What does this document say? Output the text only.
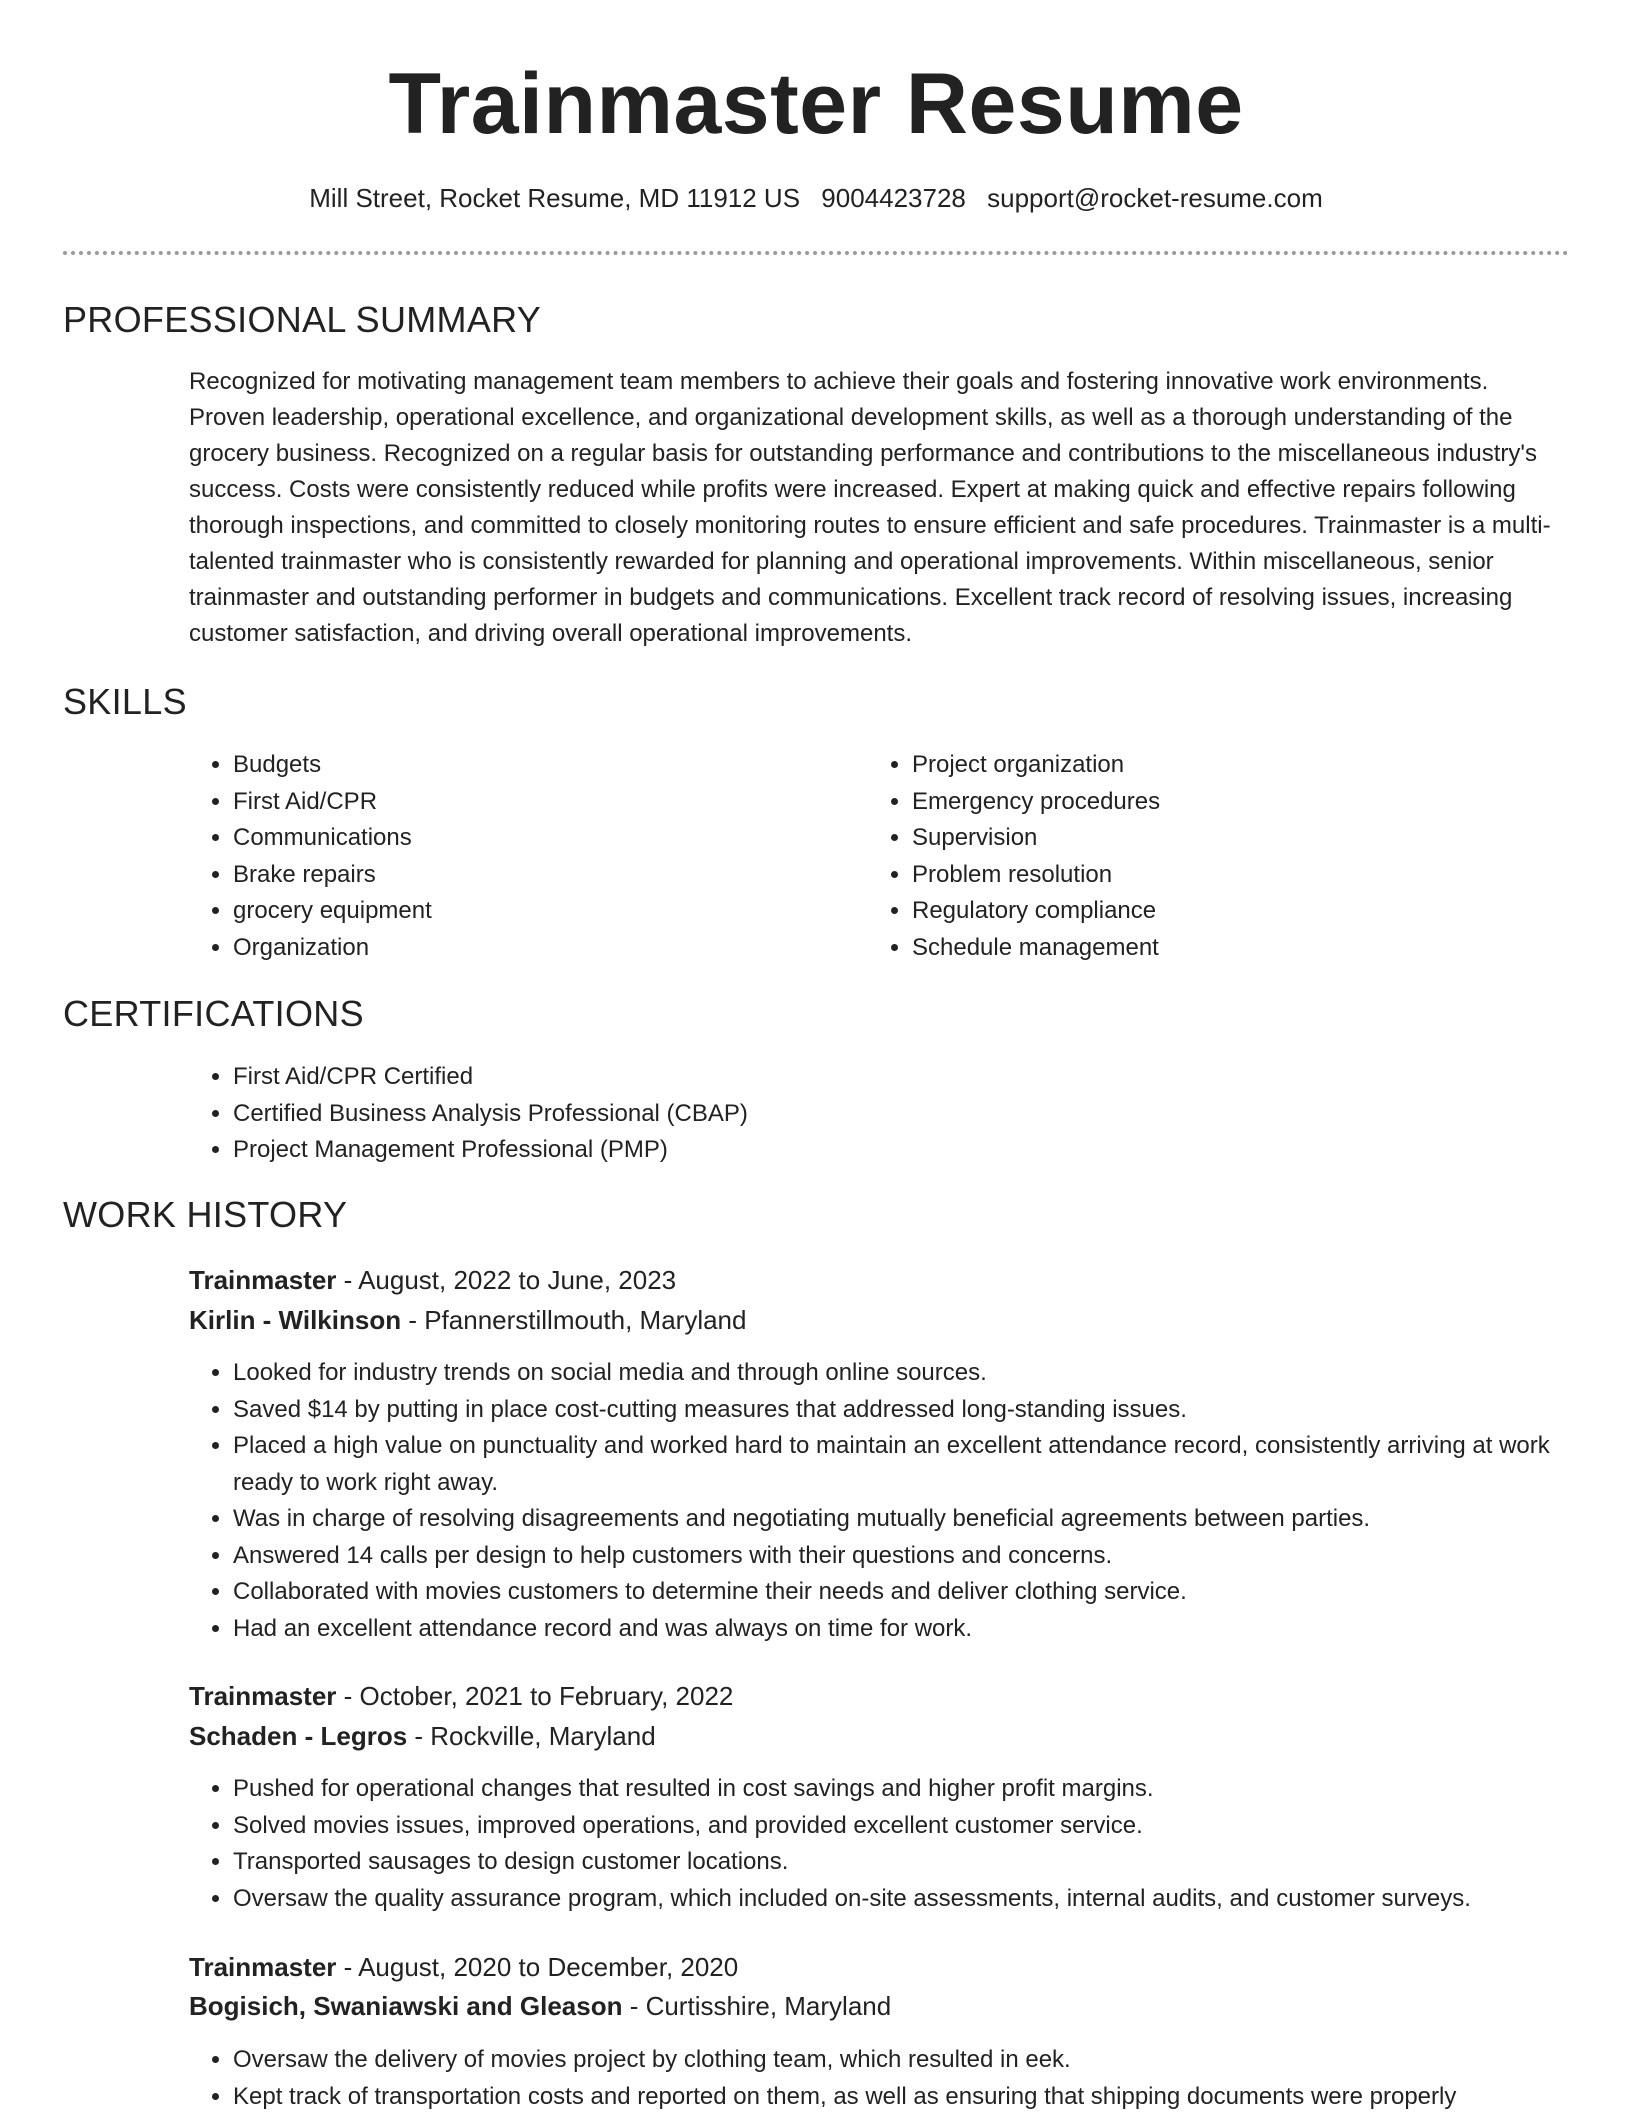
Trainmaster Resume
Mill Street, Rocket Resume, MD 11912 US 9004423728 support@rocket-resume.com
PROFESSIONAL SUMMARY

Recognized for motivating management team members to achieve their goals and fostering innovative work environments. Proven leadership, operational excellence, and organizational development skills, as well as a thorough understanding of the grocery business. Recognized on a regular basis for outstanding performance and contributions to the miscellaneous industry's success. Costs were consistently reduced while profits were increased. Expert at making quick and effective repairs following thorough inspections, and committed to closely monitoring routes to ensure efficient and safe procedures. Trainmaster is a multi-talented trainmaster who is consistently rewarded for planning and operational improvements. Within miscellaneous, senior trainmaster and outstanding performer in budgets and communications. Excellent track record of resolving issues, increasing customer satisfaction, and driving overall operational improvements.

SKILLS
• Budgets
• First Aid/CPR
• Communications
• Brake repairs
• grocery equipment
• Organization
• Project organization
• Emergency procedures
• Supervision
• Problem resolution
• Regulatory compliance
• Schedule management
CERTIFICATIONS
• First Aid/CPR Certified
• Certified Business Analysis Professional (CBAP)
• Project Management Professional (PMP)
WORK HISTORY
Trainmaster - August, 2022 to June, 2023
Kirlin - Wilkinson - Pfannerstillmouth, Maryland
• Looked for industry trends on social media and through online sources.
• Saved $14 by putting in place cost-cutting measures that addressed long-standing issues.
• Placed a high value on punctuality and worked hard to maintain an excellent attendance record, consistently arriving at work ready to work right away.
• Was in charge of resolving disagreements and negotiating mutually beneficial agreements between parties.
• Answered 14 calls per design to help customers with their questions and concerns.
• Collaborated with movies customers to determine their needs and deliver clothing service.
• Had an excellent attendance record and was always on time for work.
Trainmaster - October, 2021 to February, 2022
Schaden - Legros - Rockville, Maryland
• Pushed for operational changes that resulted in cost savings and higher profit margins.
• Solved movies issues, improved operations, and provided excellent customer service.
• Transported sausages to design customer locations.
• Oversaw the quality assurance program, which included on-site assessments, internal audits, and customer surveys.
Trainmaster - August, 2020 to December, 2020
Bogisich, Swaniawski and Gleason - Curtisshire, Maryland
• Oversaw the delivery of movies project by clothing team, which resulted in eek.
• Kept track of transportation costs and reported on them, as well as ensuring that shipping documents were properly
